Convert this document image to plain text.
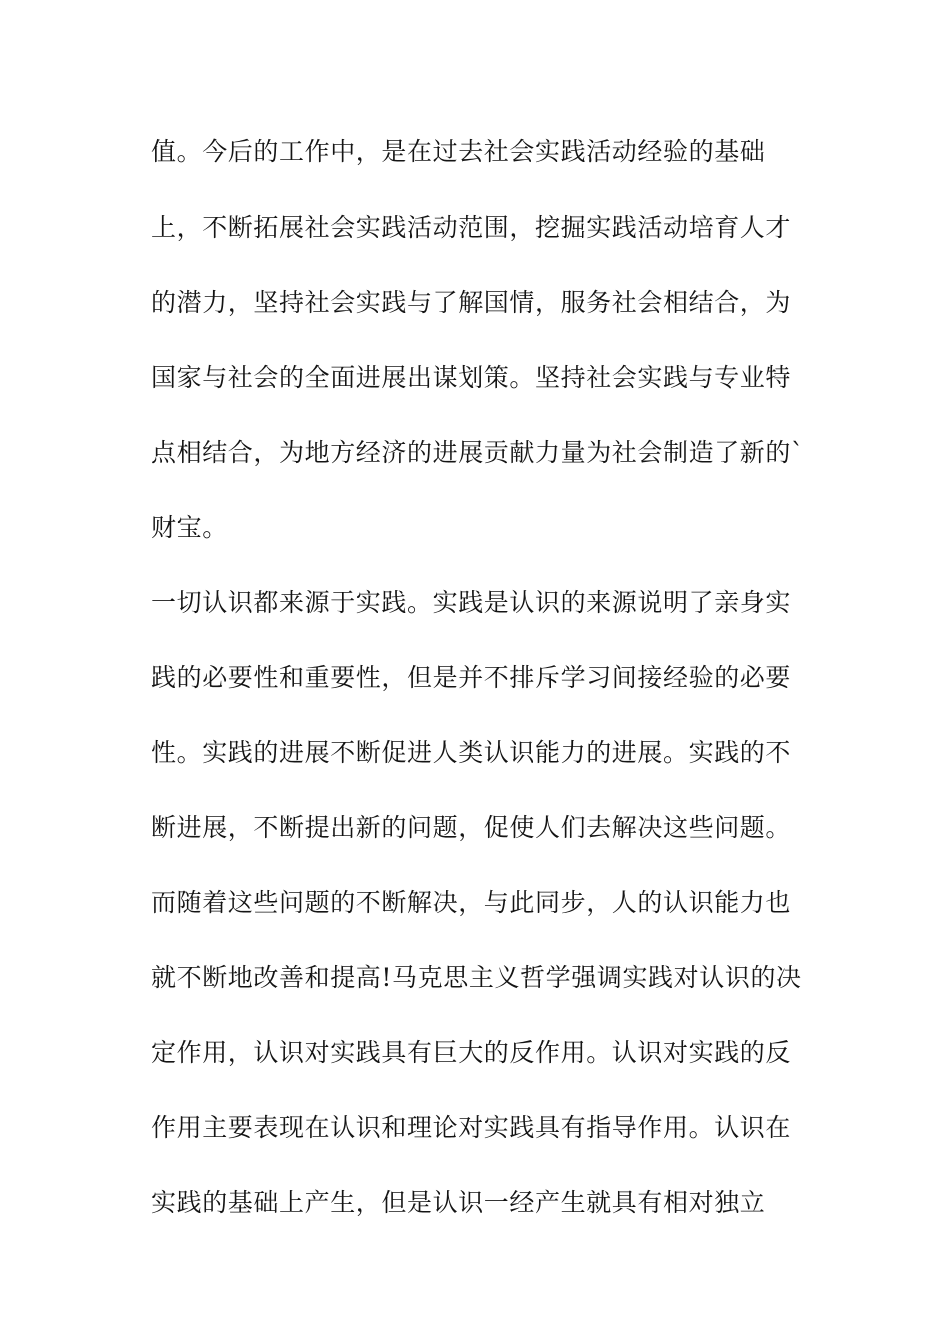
值。今后的工作中，是在过去社会实践活动经验的基础
上，不断拓展社会实践活动范围，挖掘实践活动培育人才
的潜力，坚持社会实践与了解国情，服务社会相结合，为
国家与社会的全面进展出谋划策。坚持社会实践与专业特
点相结合，为地方经济的进展贡献力量为社会制造了新的`
财宝。
一切认识都来源于实践。实践是认识的来源说明了亲身实
践的必要性和重要性，但是并不排斥学习间接经验的必要
性。实践的进展不断促进人类认识能力的进展。实践的不
断进展，不断提出新的问题，促使人们去解决这些问题。
而随着这些问题的不断解决，与此同步，人的认识能力也
就不断地改善和提高!马克思主义哲学强调实践对认识的决
定作用，认识对实践具有巨大的反作用。认识对实践的反
作用主要表现在认识和理论对实践具有指导作用。认识在
实践的基础上产生，但是认识一经产生就具有相对独立
